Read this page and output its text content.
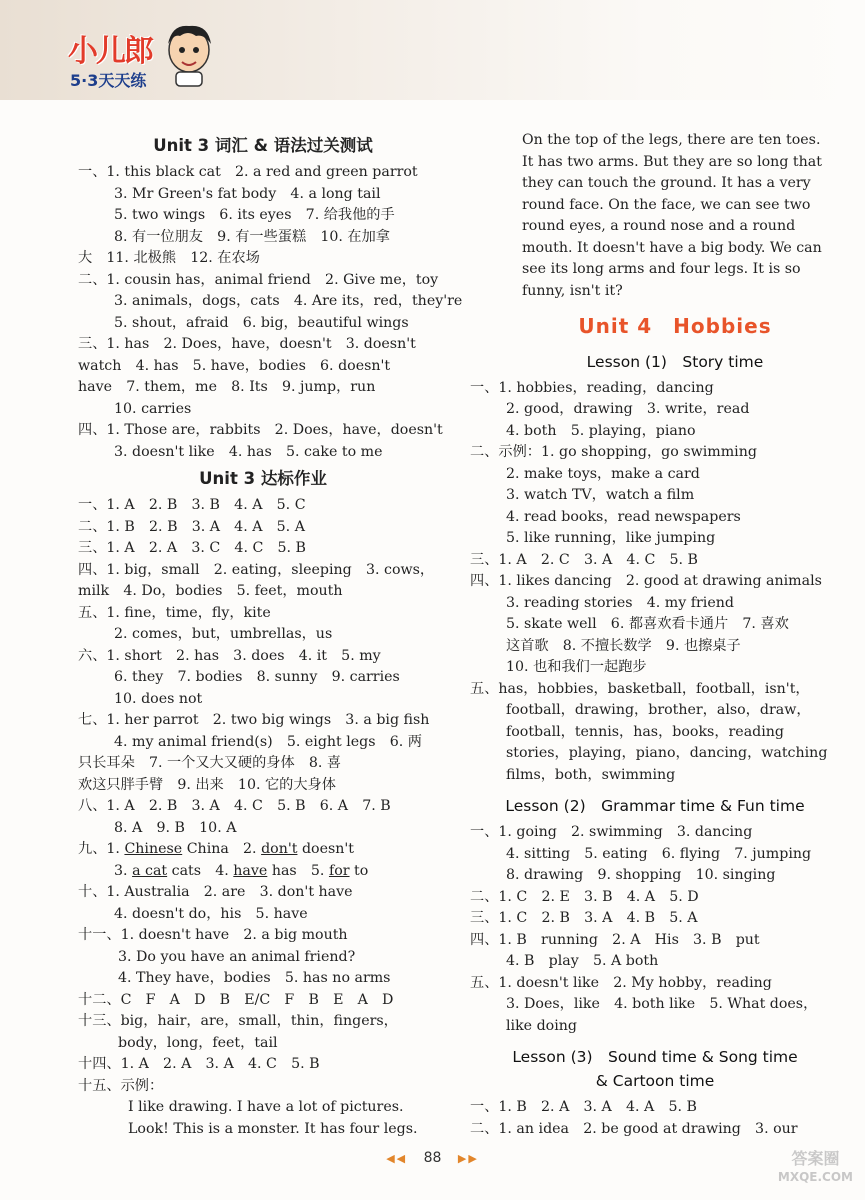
小儿郎
5·3天天练
Unit 3 词汇 & 语法过关测试
一、1. this black cat　2. a red and green parrot
3. Mr Green's fat body　4. a long tail
5. two wings　6. its eyes　7. 给我他的手
8. 有一位朋友　9. 有一些蛋糕　10. 在加拿
大　11. 北极熊　12. 在农场
二、1. cousin has，animal friend　2. Give me，toy
3. animals，dogs，cats　4. Are its，red，they're
5. shout，afraid　6. big，beautiful wings
三、1. has　2. Does，have，doesn't　3. doesn't
watch　4. has　5. have，bodies　6. doesn't
have　7. them，me　8. Its　9. jump，run
10. carries
四、1. Those are，rabbits　2. Does，have，doesn't
3. doesn't like　4. has　5. cake to me
Unit 3 达标作业
一、1. A　2. B　3. B　4. A　5. C
二、1. B　2. B　3. A　4. A　5. A
三、1. A　2. A　3. C　4. C　5. B
四、1. big，small　2. eating，sleeping　3. cows，
milk　4. Do，bodies　5. feet，mouth
五、1. fine，time，fly，kite
2. comes，but，umbrellas，us
六、1. short　2. has　3. does　4. it　5. my
6. they　7. bodies　8. sunny　9. carries
10. does not
七、1. her parrot　2. two big wings　3. a big fish
4. my animal friend(s)　5. eight legs　6. 两
只长耳朵　7. 一个又大又硬的身体　8. 喜
欢这只胖手臂　9. 出来　10. 它的大身体
八、1. A　2. B　3. A　4. C　5. B　6. A　7. B
8. A　9. B　10. A
九、1. Chinese China　2. don't doesn't
3. a cat cats　4. have has　5. for to
十、1. Australia　2. are　3. don't have
4. doesn't do，his　5. have
十一、1. doesn't have　2. a big mouth
3. Do you have an animal friend?
4. They have，bodies　5. has no arms
十二、C　F　A　D　B　E/C　F　B　E　A　D
十三、big，hair，are，small，thin，fingers，
body，long，feet，tail
十四、1. A　2. A　3. A　4. C　5. B
十五、示例：
I like drawing. I have a lot of pictures.
Look! This is a monster. It has four legs.
On the top of the legs, there are ten toes.
It has two arms. But they are so long that
they can touch the ground. It has a very
round face. On the face, we can see two
round eyes, a round nose and a round
mouth. It doesn't have a big body. We can
see its long arms and four legs. It is so
funny, isn't it?
Unit 4　Hobbies
Lesson (1)　Story time
一、1. hobbies，reading，dancing
2. good，drawing　3. write，read
4. both　5. playing，piano
二、示例：1. go shopping，go swimming
2. make toys，make a card
3. watch TV，watch a film
4. read books，read newspapers
5. like running，like jumping
三、1. A　2. C　3. A　4. C　5. B
四、1. likes dancing　2. good at drawing animals
3. reading stories　4. my friend
5. skate well　6. 都喜欢看卡通片　7. 喜欢
这首歌　8. 不擅长数学　9. 也擦桌子
10. 也和我们一起跑步
五、has，hobbies，basketball，football，isn't，
football，drawing，brother，also，draw，
football，tennis，has，books，reading
stories，playing，piano，dancing，watching
films，both，swimming
Lesson (2)　Grammar time & Fun time
一、1. going　2. swimming　3. dancing
4. sitting　5. eating　6. flying　7. jumping
8. drawing　9. shopping　10. singing
二、1. C　2. E　3. B　4. A　5. D
三、1. C　2. B　3. A　4. B　5. A
四、1. B　running　2. A　His　3. B　put
4. B　play　5. A both
五、1. doesn't like　2. My hobby，reading
3. Does，like　4. both like　5. What does，
like doing
Lesson (3)　Sound time & Song time
& Cartoon time
一、1. B　2. A　3. A　4. A　5. B
二、1. an idea　2. be good at drawing　3. our
◀◀ 88 ▶▶	答案圈
MXQE.COM
